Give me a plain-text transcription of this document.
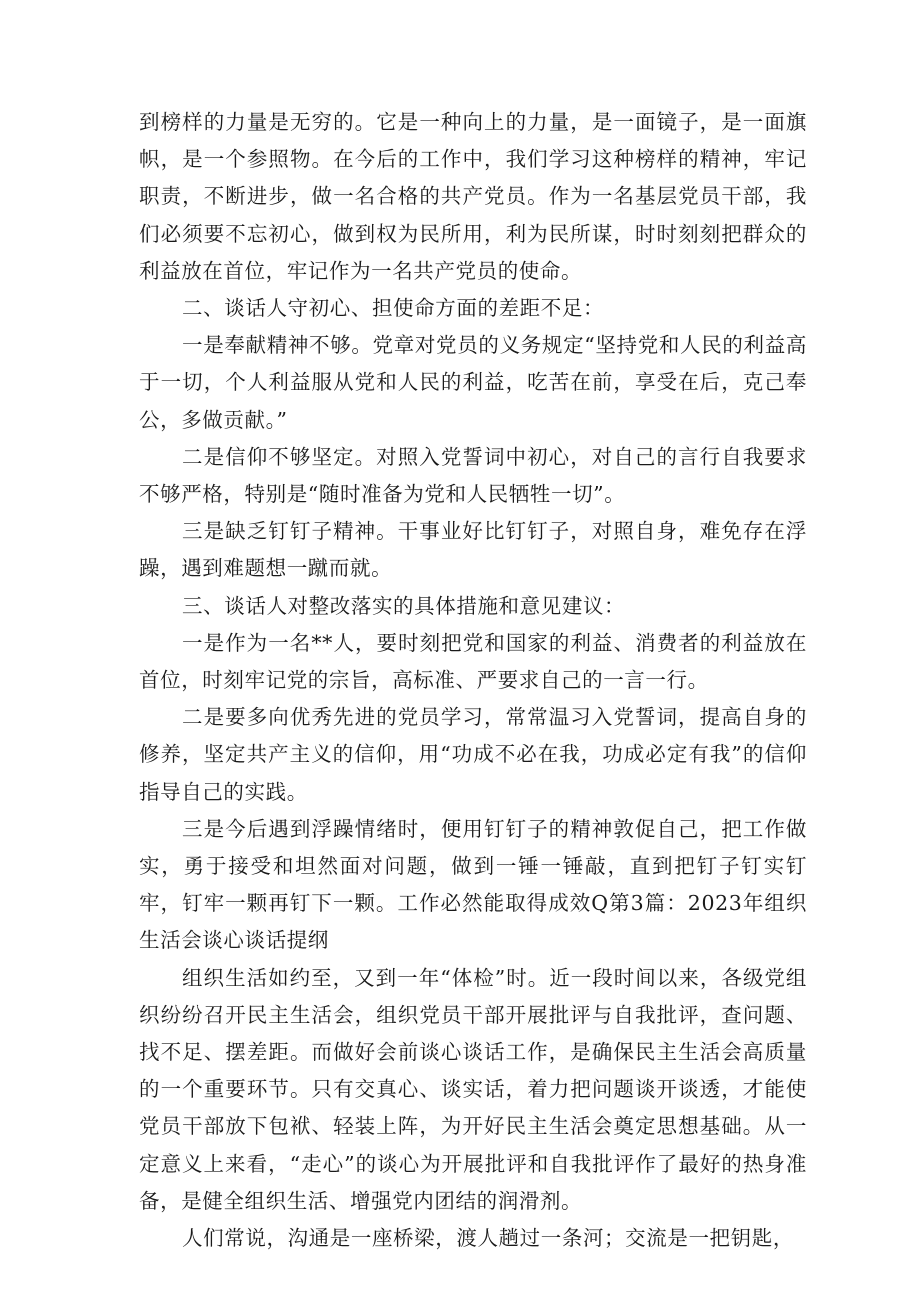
到榜样的力量是无穷的。它是一种向上的力量，是一面镜子，是一面旗帜，是一个参照物。在今后的工作中，我们学习这种榜样的精神，牢记职责，不断进步，做一名合格的共产党员。作为一名基层党员干部，我们必须要不忘初心，做到权为民所用，利为民所谋，时时刻刻把群众的利益放在首位，牢记作为一名共产党员的使命。

二、谈话人守初心、担使命方面的差距不足：

一是奉献精神不够。党章对党员的义务规定“坚持党和人民的利益高于一切，个人利益服从党和人民的利益，吃苦在前，享受在后，克己奉公，多做贡献。”

二是信仰不够坚定。对照入党誓词中初心，对自己的言行自我要求不够严格，特别是“随时准备为党和人民牺牲一切”。

三是缺乏钉钉子精神。干事业好比钉钉子，对照自身，难免存在浮躁，遇到难题想一蹴而就。

三、谈话人对整改落实的具体措施和意见建议：

一是作为一名**人，要时刻把党和国家的利益、消费者的利益放在首位，时刻牢记党的宗旨，高标准、严要求自己的一言一行。

二是要多向优秀先进的党员学习，常常温习入党誓词，提高自身的修养，坚定共产主义的信仰，用“功成不必在我，功成必定有我”的信仰指导自己的实践。

三是今后遇到浮躁情绪时，便用钉钉子的精神敦促自己，把工作做实，勇于接受和坦然面对问题，做到一锤一锤敲，直到把钉子钉实钉牢，钉牢一颗再钉下一颗。工作必然能取得成效Q第3篇：2023年组织生活会谈心谈话提纲

组织生活如约至，又到一年“体检”时。近一段时间以来，各级党组织纷纷召开民主生活会，组织党员干部开展批评与自我批评，查问题、找不足、摆差距。而做好会前谈心谈话工作，是确保民主生活会高质量的一个重要环节。只有交真心、谈实话，着力把问题谈开谈透，才能使党员干部放下包袱、轻装上阵，为开好民主生活会奠定思想基础。从一定意义上来看，“走心”的谈心为开展批评和自我批评作了最好的热身准备，是健全组织生活、增强党内团结的润滑剂。

人们常说，沟通是一座桥梁，渡人趟过一条河；交流是一把钥匙，
